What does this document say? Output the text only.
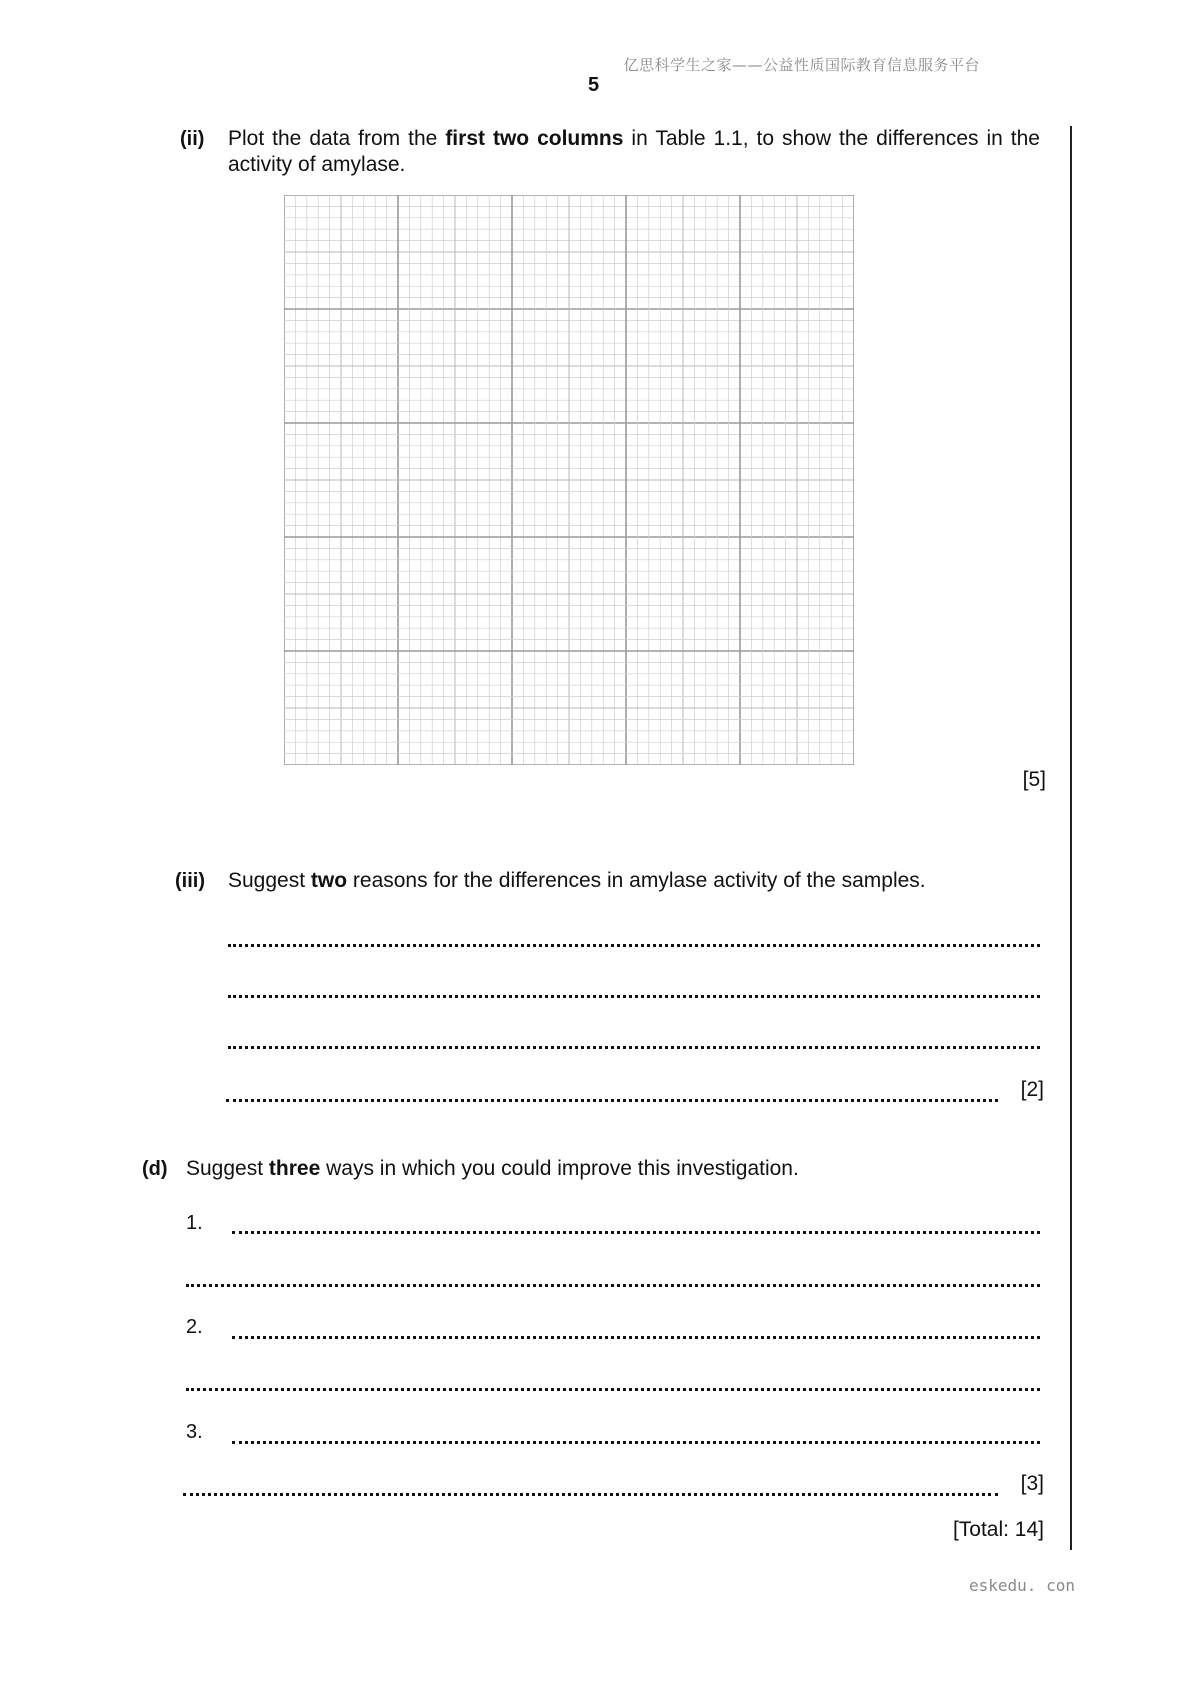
亿思科学生之家——公益性质国际教育信息服务平台
5
(ii) Plot the data from the first two columns in Table 1.1, to show the differences in the activity of amylase.
[5]
(iii) Suggest two reasons for the differences in amylase activity of the samples.
[2]
(d) Suggest three ways in which you could improve this investigation.
1.
2.
3.
[3]
[Total: 14]
eskedu. con
